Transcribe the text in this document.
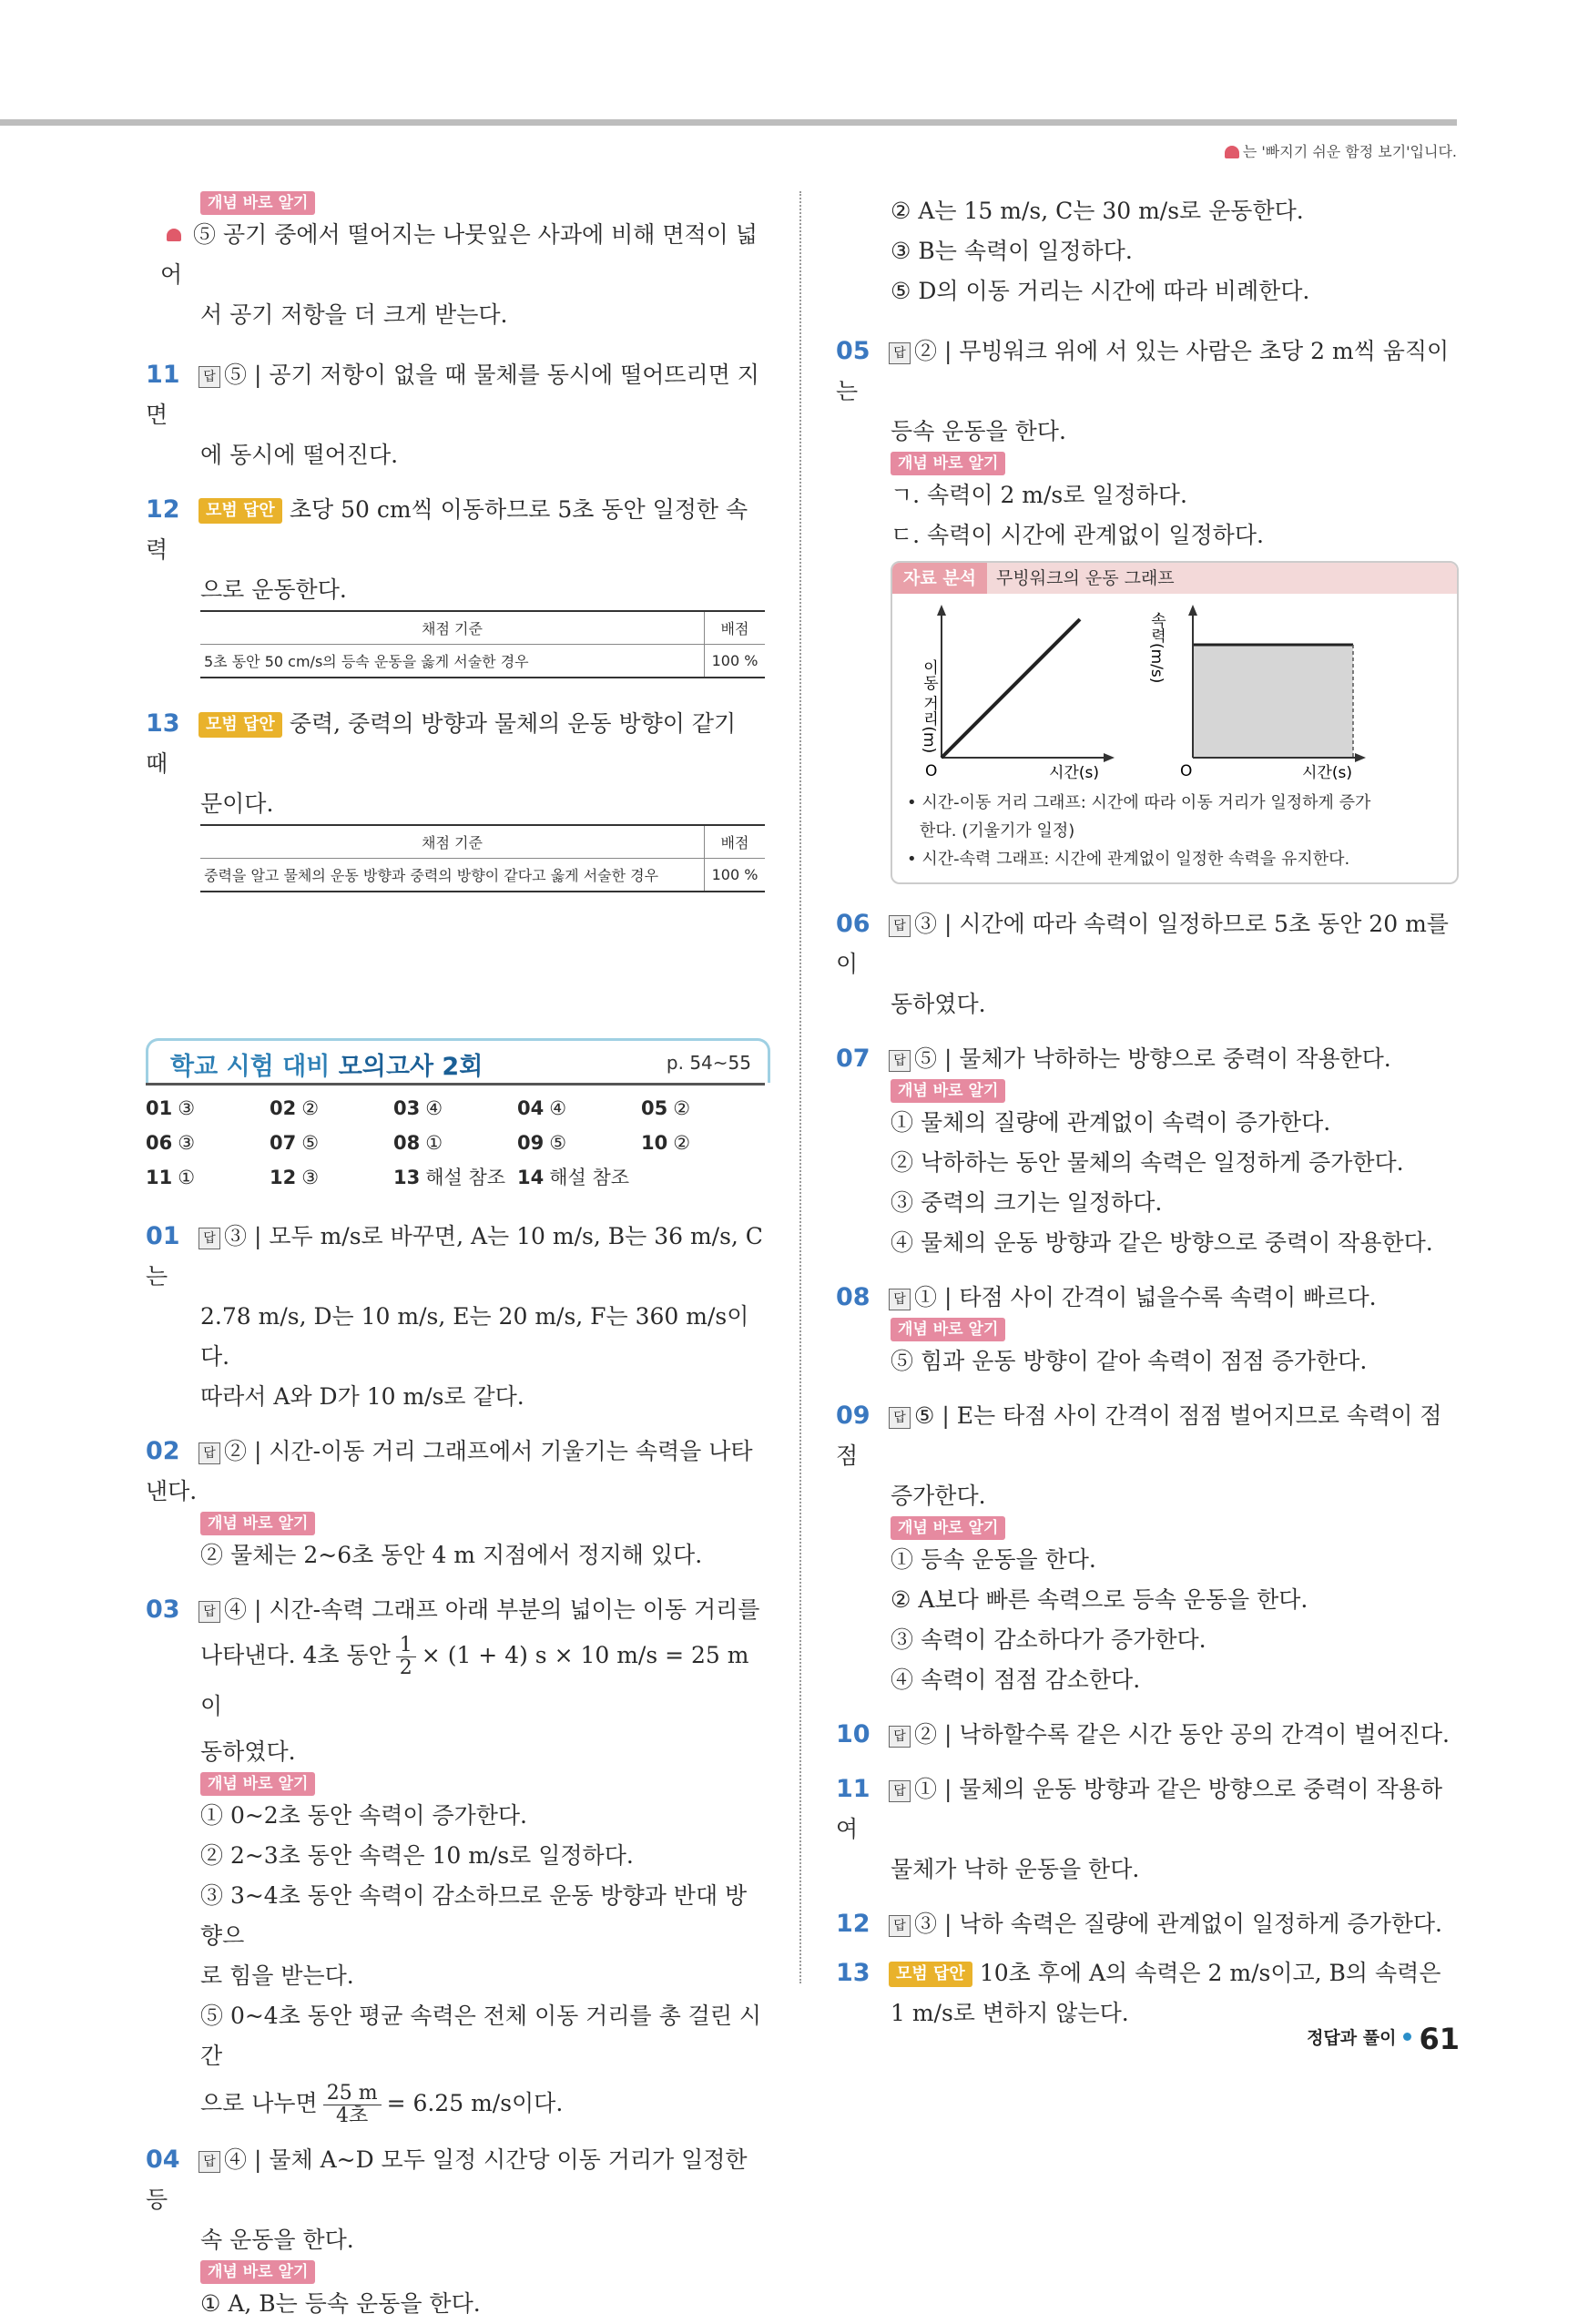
는 '빠지기 쉬운 함정 보기'입니다.
개념 바로 알기

⑤ 공기 중에서 떨어지는 나뭇잎은 사과에 비해 면적이 넓어

서 공기 저항을 더 크게 받는다.

11 답 ⑤ | 공기 저항이 없을 때 물체를 동시에 떨어뜨리면 지면

에 동시에 떨어진다.

12 모범 답안 초당 50 cm씩 이동하므로 5초 동안 일정한 속력

으로 운동한다.

채점 기준	배점
5초 동안 50 cm/s의 등속 운동을 옳게 서술한 경우	100 %

13 모범 답안 중력, 중력의 방향과 물체의 운동 방향이 같기 때

문이다.

채점 기준	배점
중력을 알고 물체의 운동 방향과 중력의 방향이 같다고 옳게 서술한 경우	100 %
학교 시험 대비 모의고사 2회	p. 54~55
01 ③	02 ②	03 ④	04 ④	05 ②
06 ③	07 ⑤	08 ①	09 ⑤	10 ②
11 ①	12 ③	13 해설 참조 14 해설 참조

01 답 ③ | 모두 m/s로 바꾸면, A는 10 m/s, B는 36 m/s, C는

2.78 m/s, D는 10 m/s, E는 20 m/s, F는 360 m/s이다.

따라서 A와 D가 10 m/s로 같다.

02 답 ② | 시간-이동 거리 그래프에서 기울기는 속력을 나타낸다.

개념 바로 알기

② 물체는 2~6초 동안 4 m 지점에서 정지해 있다.

03 답 ④ | 시간-속력 그래프 아래 부분의 넓이는 이동 거리를

나타낸다. 4초 동안 $\frac{1}{2} \times (1 + 4) s \times 10$ m/s = 25 m 이

동하였다.

개념 바로 알기

① 0~2초 동안 속력이 증가한다.

② 2~3초 동안 속력은 10 m/s로 일정하다.

③ 3~4초 동안 속력이 감소하므로 운동 방향과 반대 방향으

로 힘을 받는다.

⑤ 0~4초 동안 평균 속력은 전체 이동 거리를 총 걸린 시간

으로 나누면 $\frac{25 m}{\text{4초}} = 6.25$ m/s이다.

04 답 ④ | 물체 A~D 모두 일정 시간당 이동 거리가 일정한 등

속 운동을 한다.

개념 바로 알기

① A, B는 등속 운동을 한다.

② A는 15 m/s, C는 30 m/s로 운동한다.

③ B는 속력이 일정하다.

⑤ D의 이동 거리는 시간에 따라 비례한다.

05 답 ② | 무빙워크 위에 서 있는 사람은 초당 2 m씩 움직이는

등속 운동을 한다.

개념 바로 알기

ㄱ. 속력이 2 m/s로 일정하다.

ㄷ. 속력이 시간에 관계없이 일정하다.

자료 분석 무빙워크의 운동 그래프
이동 거리(m)
O	시간(s)
속력(m/s)
O	시간(s)
• 시간-이동 거리 그래프: 시간에 따라 이동 거리가 일정하게 증가
한다. (기울기가 일정)
• 시간-속력 그래프: 시간에 관계없이 일정한 속력을 유지한다.

06 답 ③ | 시간에 따라 속력이 일정하므로 5초 동안 20 m를 이

동하였다.

07 답 ⑤ | 물체가 낙하하는 방향으로 중력이 작용한다.

개념 바로 알기

① 물체의 질량에 관계없이 속력이 증가한다.

② 낙하하는 동안 물체의 속력은 일정하게 증가한다.

③ 중력의 크기는 일정하다.

④ 물체의 운동 방향과 같은 방향으로 중력이 작용한다.

08 답 ① | 타점 사이 간격이 넓을수록 속력이 빠르다.

개념 바로 알기

⑤ 힘과 운동 방향이 같아 속력이 점점 증가한다.

09 답 ⑤ | E는 타점 사이 간격이 점점 벌어지므로 속력이 점점

증가한다.

개념 바로 알기

① 등속 운동을 한다.

② A보다 빠른 속력으로 등속 운동을 한다.

③ 속력이 감소하다가 증가한다.

④ 속력이 점점 감소한다.

10 답 ② | 낙하할수록 같은 시간 동안 공의 간격이 벌어진다.

11 답 ① | 물체의 운동 방향과 같은 방향으로 중력이 작용하여

물체가 낙하 운동을 한다.

12 답 ③ | 낙하 속력은 질량에 관계없이 일정하게 증가한다.

13 모범 답안 10초 후에 A의 속력은 2 m/s이고, B의 속력은

1 m/s로 변하지 않는다.

정답과 풀이 61
